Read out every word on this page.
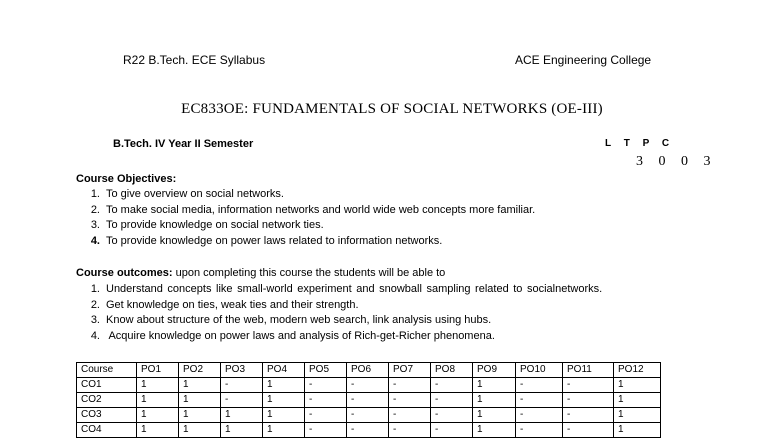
R22 B.Tech. ECE Syllabus	ACE Engineering College
EC833OE: FUNDAMENTALS OF SOCIAL NETWORKS (OE-III)
B.Tech. IV Year II Semester	L T P C
3 0 0 3
Course Objectives:
1. To give overview on social networks.
2. To make social media, information networks and world wide web concepts more familiar.
3. To provide knowledge on social network ties.
4. To provide knowledge on power laws related to information networks.
Course outcomes: upon completing this course the students will be able to
1. Understand concepts like small-world experiment and snowball sampling related to socialnetworks.
2. Get knowledge on ties, weak ties and their strength.
3. Know about structure of the web, modern web search, link analysis using hubs.
4. Acquire knowledge on power laws and analysis of Rich-get-Richer phenomena.
Course	PO1	PO2	PO3	PO4	PO5	PO6	PO7	PO8	PO9	PO10	PO11	PO12
CO1	1	1	-	1	-	-	-	-	1	-	-	1
CO2	1	1	-	1	-	-	-	-	1	-	-	1
CO3	1	1	1	1	-	-	-	-	1	-	-	1
CO4	1	1	1	1	-	-	-	-	1	-	-	1
